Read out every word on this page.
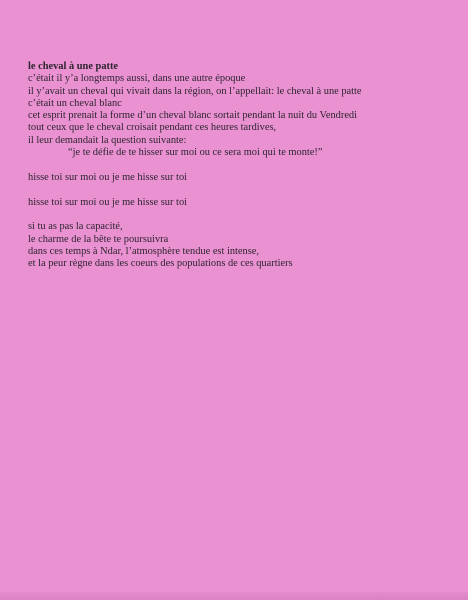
le cheval à une patte
c’était il y’a longtemps aussi, dans une autre époque
il y’avait un cheval qui vivait dans la région, on l’appellait: le cheval à une patte
c’était un cheval blanc
cet esprit prenait la forme d’un cheval blanc sortait pendant la nuit du Vendredi
tout ceux que le cheval croisait pendant ces heures tardives,
il leur demandait la question suivante:
“je te défie de te hisser sur moi ou ce sera moi qui te monte!”
hisse toi sur moi ou je me hisse sur toi
hisse toi sur moi ou je me hisse sur toi
si tu as pas la capacité,
le charme de la bête te poursuivra
dans ces temps à Ndar, l’atmosphère tendue est intense,
et la peur règne dans les coeurs des populations de ces quartiers
